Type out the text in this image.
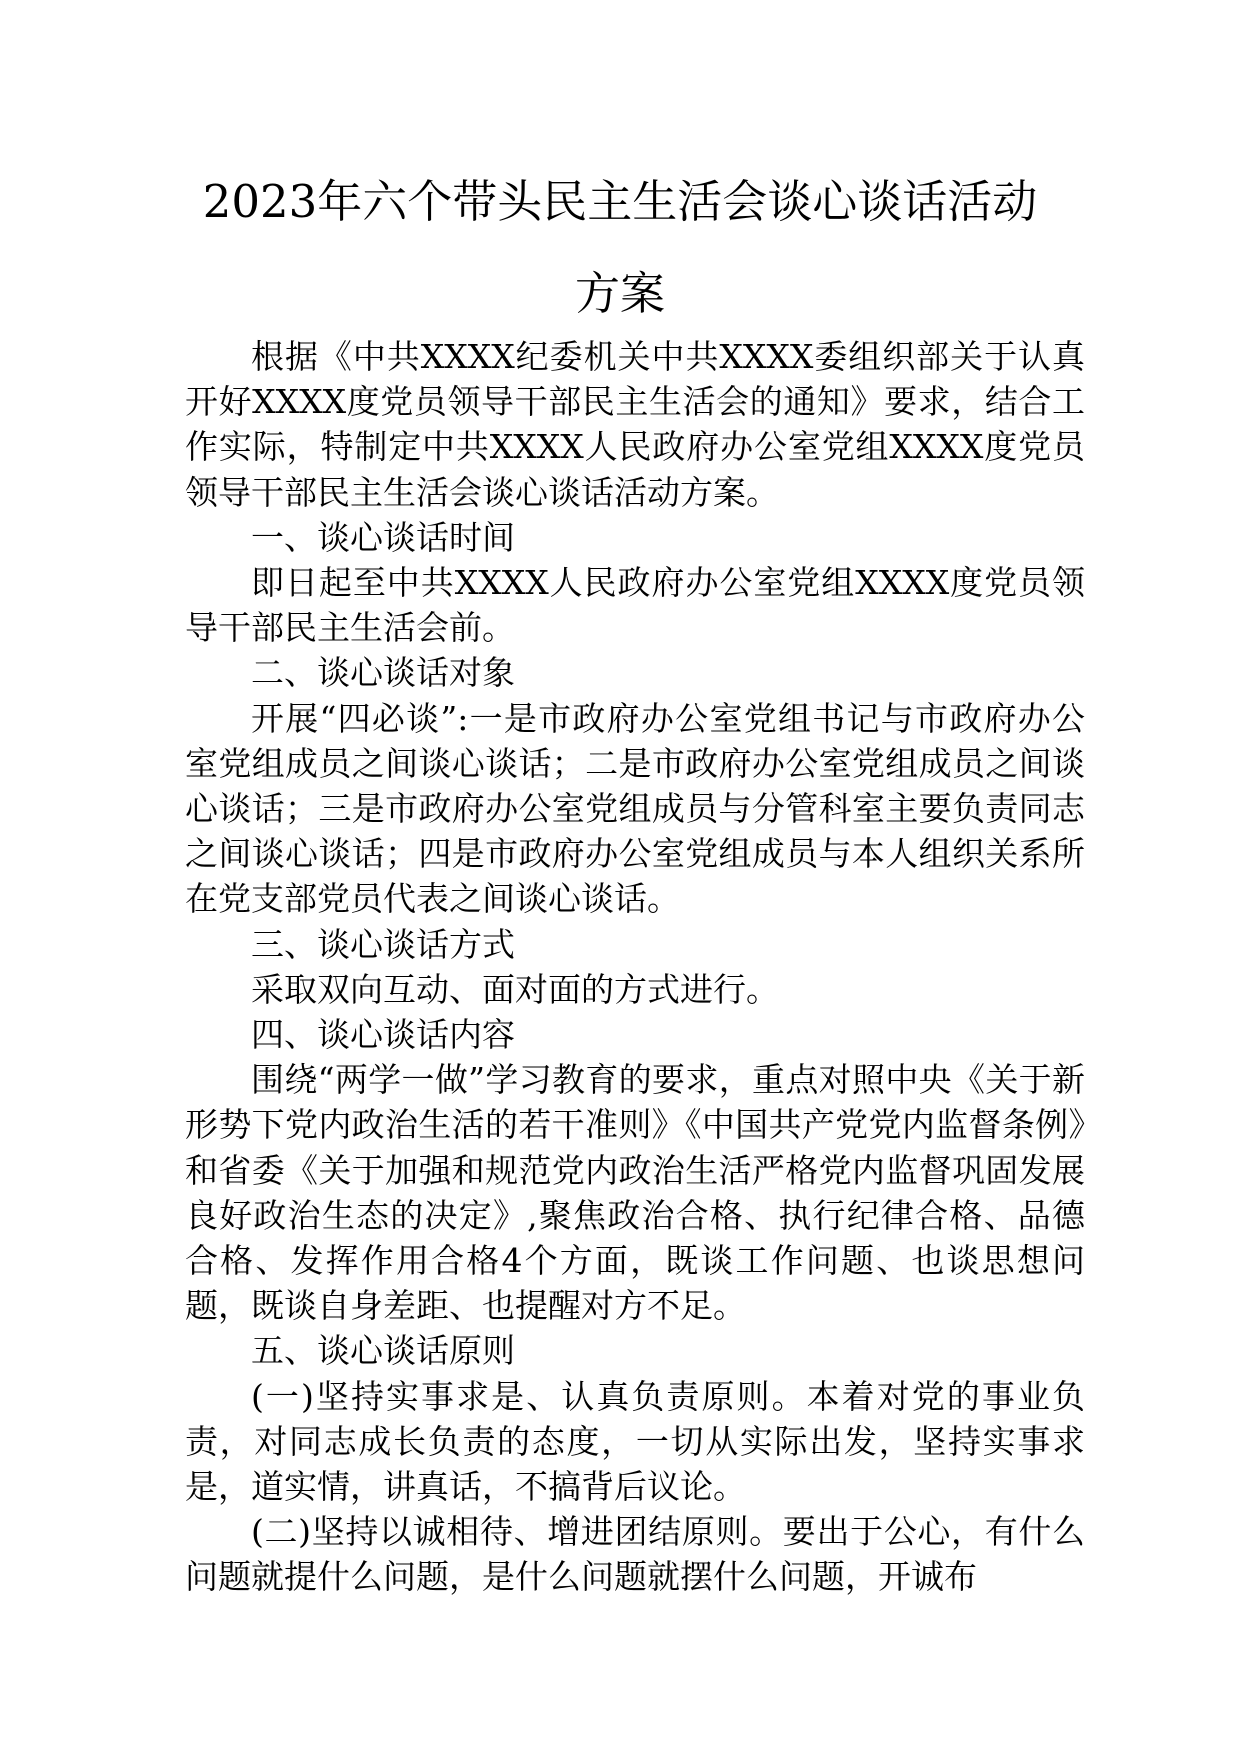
2023年六个带头民主生活会谈心谈话活动
方案

根据《中共XXXX纪委机关中共XXXX委组织部关于认真开好XXXX度党员领导干部民主生活会的通知》要求，结合工作实际，特制定中共XXXX人民政府办公室党组XXXX度党员领导干部民主生活会谈心谈话活动方案。

一、谈心谈话时间

即日起至中共XXXX人民政府办公室党组XXXX度党员领导干部民主生活会前。

二、谈心谈话对象

开展“四必谈”:一是市政府办公室党组书记与市政府办公室党组成员之间谈心谈话；二是市政府办公室党组成员之间谈心谈话；三是市政府办公室党组成员与分管科室主要负责同志之间谈心谈话；四是市政府办公室党组成员与本人组织关系所在党支部党员代表之间谈心谈话。

三、谈心谈话方式

采取双向互动、面对面的方式进行。

四、谈心谈话内容

围绕“两学一做”学习教育的要求，重点对照中央《关于新形势下党内政治生活的若干准则》《中国共产党党内监督条例》和省委《关于加强和规范党内政治生活严格党内监督巩固发展良好政治生态的决定》,聚焦政治合格、执行纪律合格、品德合格、发挥作用合格4个方面，既谈工作问题、也谈思想问题，既谈自身差距、也提醒对方不足。

五、谈心谈话原则

(一)坚持实事求是、认真负责原则。本着对党的事业负责，对同志成长负责的态度，一切从实际出发，坚持实事求是，道实情，讲真话，不搞背后议论。

(二)坚持以诚相待、增进团结原则。要出于公心，有什么问题就提什么问题，是什么问题就摆什么问题，开诚布
